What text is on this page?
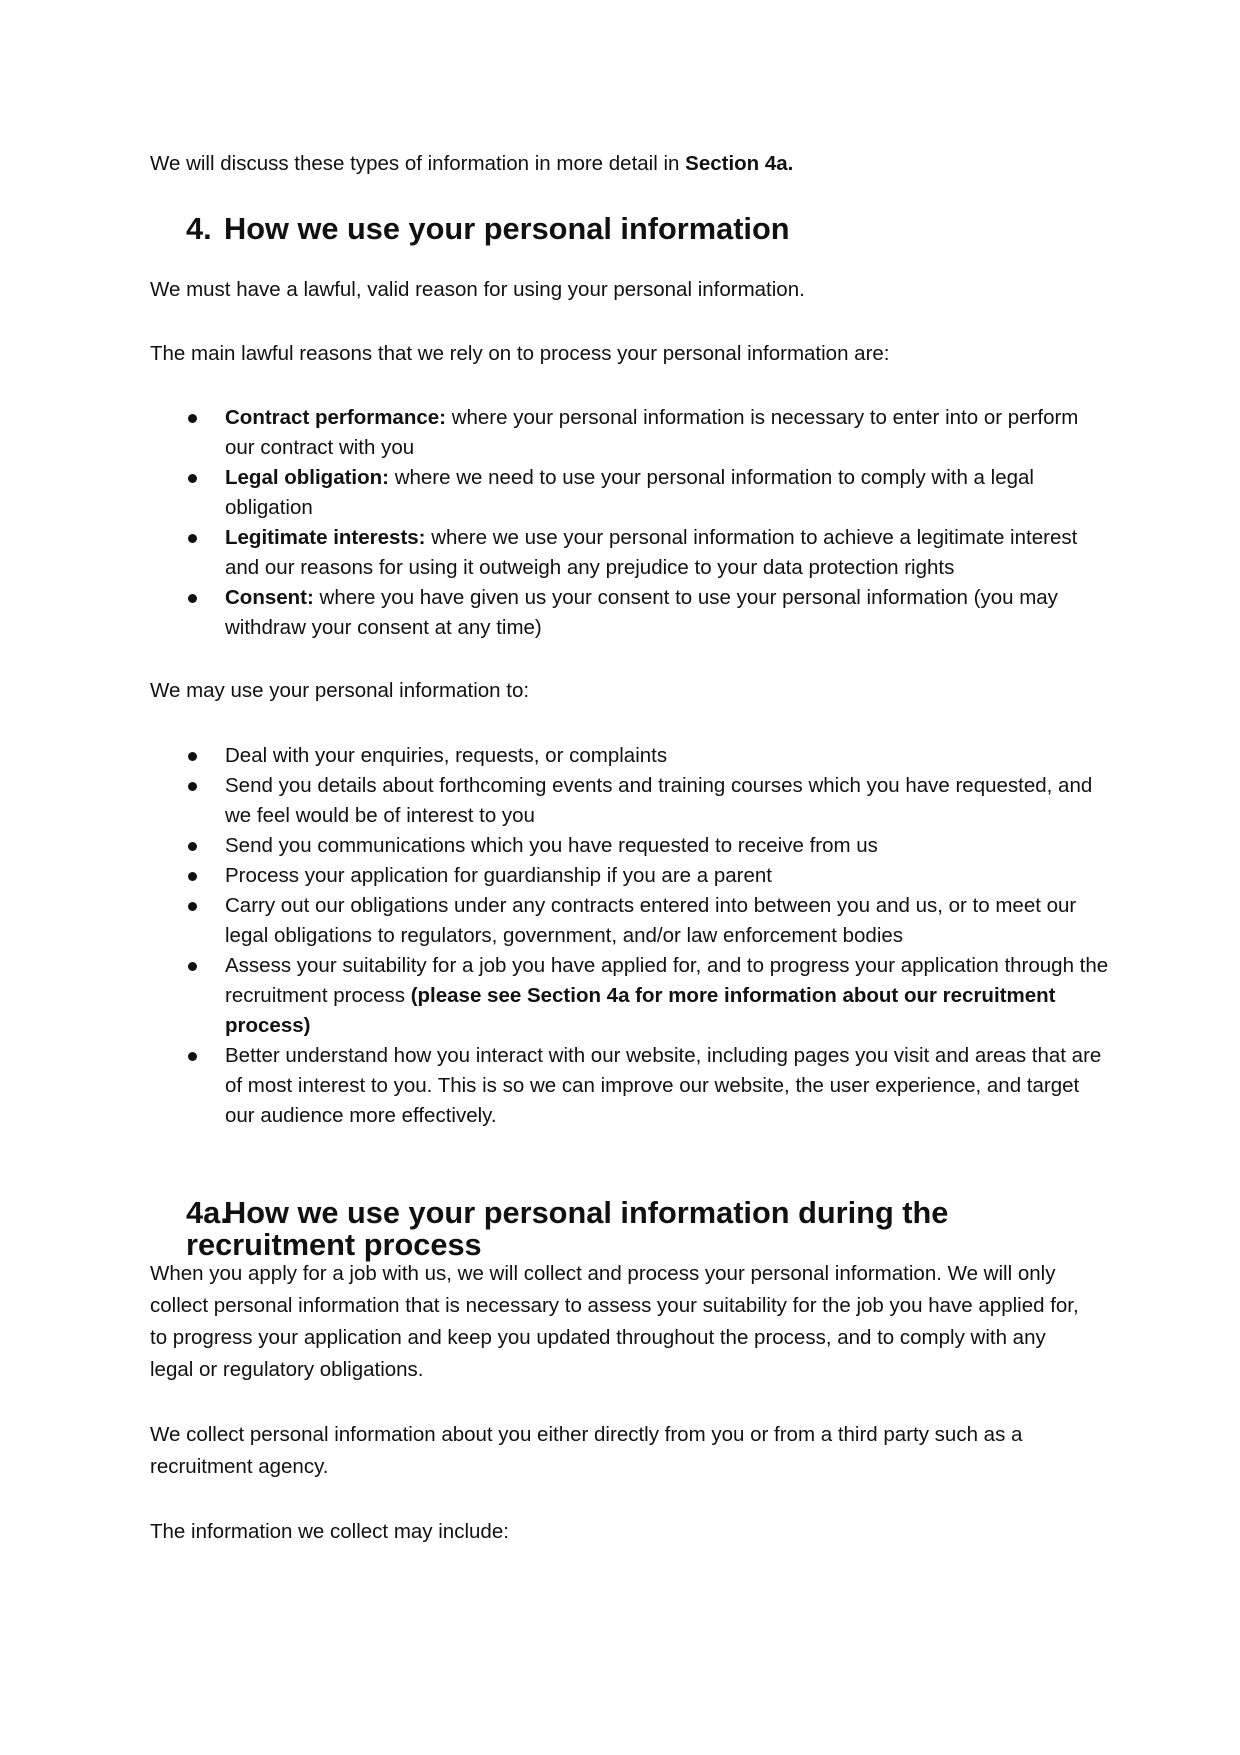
We will discuss these types of information in more detail in Section 4a.

4. How we use your personal information

We must have a lawful, valid reason for using your personal information.

The main lawful reasons that we rely on to process your personal information are:

Contract performance: where your personal information is necessary to enter into or perform our contract with you
Legal obligation: where we need to use your personal information to comply with a legal obligation
Legitimate interests: where we use your personal information to achieve a legitimate interest and our reasons for using it outweigh any prejudice to your data protection rights
Consent: where you have given us your consent to use your personal information (you may withdraw your consent at any time)

We may use your personal information to:

Deal with your enquiries, requests, or complaints
Send you details about forthcoming events and training courses which you have requested, and we feel would be of interest to you
Send you communications which you have requested to receive from us
Process your application for guardianship if you are a parent
Carry out our obligations under any contracts entered into between you and us, or to meet our legal obligations to regulators, government, and/or law enforcement bodies
Assess your suitability for a job you have applied for, and to progress your application through the recruitment process (please see Section 4a for more information about our recruitment process)
Better understand how you interact with our website, including pages you visit and areas that are of most interest to you. This is so we can improve our website, the user experience, and target our audience more effectively.
4a.How we use your personal information during the recruitment process

When you apply for a job with us, we will collect and process your personal information. We will only collect personal information that is necessary to assess your suitability for the job you have applied for, to progress your application and keep you updated throughout the process, and to comply with any legal or regulatory obligations.

We collect personal information about you either directly from you or from a third party such as a recruitment agency.

The information we collect may include:
